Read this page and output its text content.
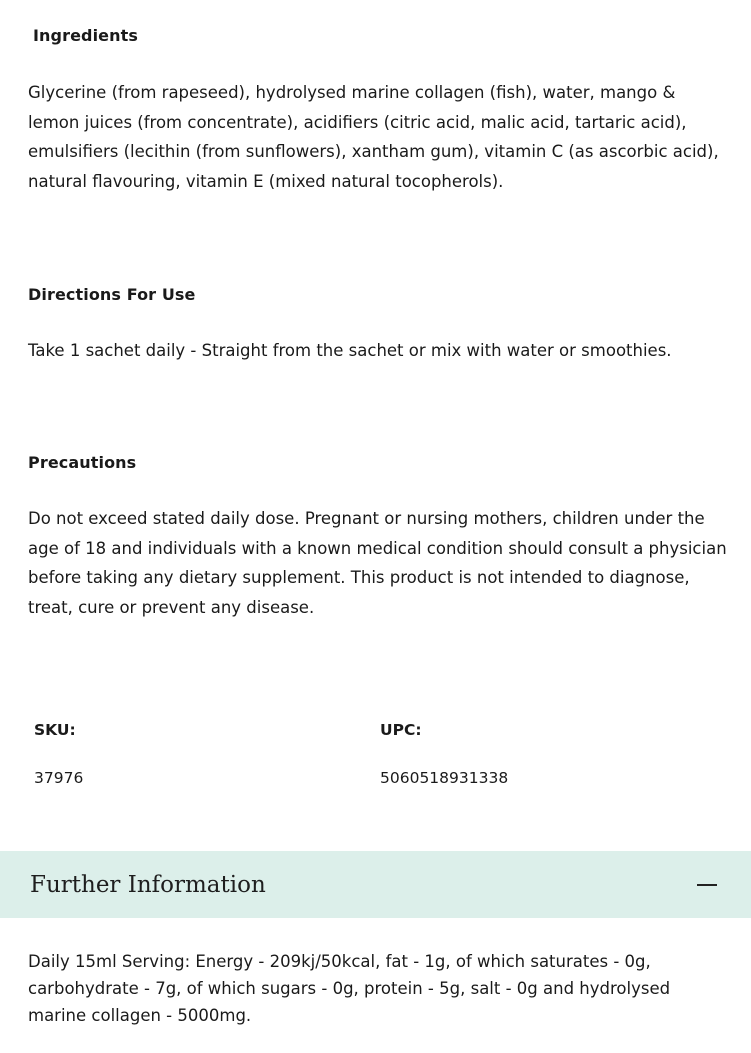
Ingredients

Glycerine (from rapeseed), hydrolysed marine collagen (fish), water, mango & lemon juices (from concentrate), acidifiers (citric acid, malic acid, tartaric acid), emulsifiers (lecithin (from sunflowers), xantham gum), vitamin C (as ascorbic acid), natural flavouring, vitamin E (mixed natural tocopherols).

Directions For Use

Take 1 sachet daily - Straight from the sachet or mix with water or smoothies.

Precautions

Do not exceed stated daily dose. Pregnant or nursing mothers, children under the age of 18 and individuals with a known medical condition should consult a physician before taking any dietary supplement. This product is not intended to diagnose, treat, cure or prevent any disease.

SKU:
37976
UPC:
5060518931338
Further Information

Daily 15ml Serving: Energy - 209kj/50kcal, fat - 1g, of which saturates - 0g, carbohydrate - 7g, of which sugars - 0g, protein - 5g, salt - 0g and hydrolysed marine collagen - 5000mg.
